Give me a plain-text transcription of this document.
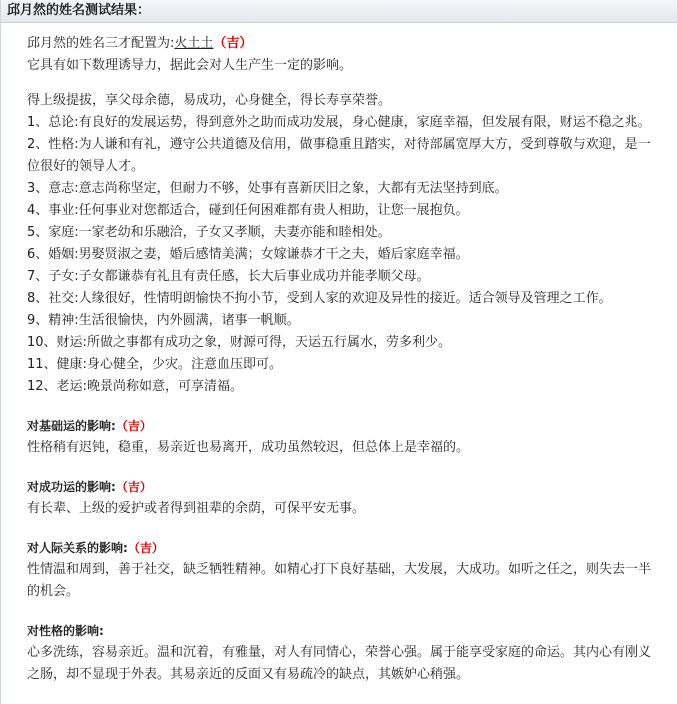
邱月然的姓名测试结果：
邱月然的姓名三才配置为:火土土（吉）
它具有如下数理诱导力，据此会对人生产生一定的影响。
得上级提拔，享父母余德，易成功，心身健全，得长寿享荣誉。
1、总论:有良好的发展运势，得到意外之助而成功发展，身心健康，家庭幸福，但发展有限，财运不稳之兆。
2、性格:为人谦和有礼，遵守公共道德及信用，做事稳重且踏实，对待部属宽厚大方，受到尊敬与欢迎，是一位很好的领导人才。
3、意志:意志尚称坚定，但耐力不够，处事有喜新厌旧之象，大都有无法坚持到底。
4、事业:任何事业对您都适合，碰到任何困难都有贵人相助，让您一展抱负。
5、家庭:一家老幼和乐融洽，子女又孝顺，夫妻亦能和睦相处。
6、婚姻:男娶贤淑之妻，婚后感情美满；女嫁谦恭才干之夫，婚后家庭幸福。
7、子女:子女都谦恭有礼且有责任感，长大后事业成功并能孝顺父母。
8、社交:人缘很好，性情明朗愉快不拘小节，受到人家的欢迎及异性的接近。适合领导及管理之工作。
9、精神:生活很愉快，内外圆满，诸事一帆顺。
10、财运:所做之事都有成功之象，财源可得，天运五行属水，劳多利少。
11、健康:身心健全，少灾。注意血压即可。
12、老运:晚景尚称如意，可享清福。
对基础运的影响:（吉）
性格稍有迟钝，稳重，易亲近也易离开，成功虽然较迟，但总体上是幸福的。
对成功运的影响:（吉）
有长辈、上级的爱护或者得到祖辈的余荫，可保平安无事。
对人际关系的影响:（吉）
性情温和周到，善于社交，缺乏牺牲精神。如精心打下良好基础，大发展，大成功。如听之任之，则失去一半的机会。
对性格的影响:
心多洗练，容易亲近。温和沉着，有雅量，对人有同情心，荣誉心强。属于能享受家庭的命运。其内心有刚义之肠，却不显现于外表。其易亲近的反面又有易疏冷的缺点，其嫉妒心稍强。
